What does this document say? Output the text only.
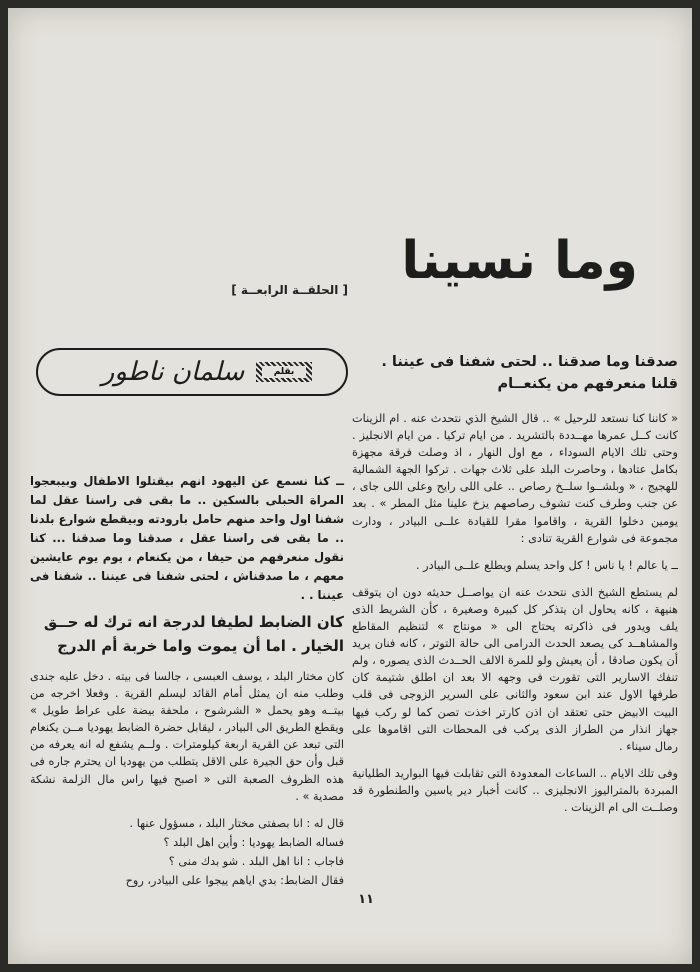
وما نسينا
[ الحلقــة الرابعــة ]
صدقنا وما صدقنا .. لحتى شفنا فى عيننا . قلنا منعرفهم من يكنعــام
سلمان ناطور	بقلم

« كاننا كنا نستعد للرحيل » .. قال الشيخ الذي نتحدث عنه . ام الزينات كانت كــل عمرها مهــددة بالتشريد . من ايام تركيا . من ايام الانجليز . وحتى تلك الايام السوداء ، مع اول النهار ، اذ وصلت فرقة مجهزة بكامل عتادها ، وحاصرت البلد على ثلاث جهات . تركوا الجهة الشمالية للهجيج ، « وبلشــوا سلــخ رصاص .. على اللى رايح وعلى اللى جاى ، عن جنب وطرف كنت تشوف رصاصهم يزخ علينا مثل المطر » . بعد يومين دخلوا القرية ، واقاموا مقرا للقيادة علــى البيادر ، ودارت مجموعة فى شوارع القرية تنادى :

ــ يا عالم ! يا ناس ! كل واحد يسلم ويطلع علــى البيادر .

لم يستطع الشيخ الذى نتحدث عنه ان يواصــل حديثه دون ان يتوقف هنيهة ، كانه يحاول ان يتذكر كل كبيرة وصغيرة ، كأن الشريط الذى يلف ويدور فى ذاكرته يحتاج الى « مونتاج » لتنظيم المقاطع والمشاهــد كى يصعد الحدث الدرامى الى حالة التوتر ، كانه فنان يريد أن يكون صادقا ، أن يعيش ولو للمرة الالف الحــدث الذى يصوره ، ولم تنفك الاسارير التى تقورت فى وجهه الا بعد ان اطلق شتيمة كان طرفها الاول عند ابن سعود والثانى على السرير الزوجى فى قلب البيت الابيض حتى تعتقد ان اذن كارتر اخذت تصن كما لو ركب فيها جهاز انذار من الطراز الذى يركب فى المحطات التى اقاموها على رمال سيناء .

وفى تلك الايام .. الساعات المعدودة التى تقابلت فيها البواريد الطليانية المبردة بالمتراليوز الانجليزى .. كانت أخبار دير ياسين والطنطورة قد وصلــت الى ام الزينات .

ــ كنا نسمع عن اليهود انهم بيقتلوا الاطفال وبيبعجوا المراة الحبلى بالسكين .. ما بقى فى راسنا عقل لما شفنا اول واحد منهم حامل بارودته وبيقطع شوارع بلدنا .. ما بقى فى راسنا عقل ، صدقنا وما صدقنا ... كنا نقول منعرفهم من حيفا ، من يكنعام ، يوم يوم عايشين معهم ، ما صدقناش ، لحتى شفنا فى عيننا .. شفنا فى عيننا . .
كان الضابط لطيفا لدرجة انه ترك له حــق الخيار . اما أن يموت واما خربة أم الدرج

كان مختار البلد ، يوسف العبسى ، جالسا فى بيته . دخل عليه جندى وطلب منه ان يمثل أمام القائد ليسلم القرية . وفعلا اخرجه من بيتــه وهو يحمل « الشرشوح ، ملحفة بيضة على عراط طويل » ويقطع الطريق الى البيادر ، ليقابل حضرة الضابط يهوديا مــن يكنعام التى تبعد عن القرية اربعة كيلومترات . ولــم يشفع له انه يعرفه من قبل وأن حق الجيرة على الاقل يتطلب من يهوديا ان يحترم جاره فى هذه الظروف الصعبة التى « اصبح فيها راس مال الزلمة نشكة مصدية » .

قال له : انا بصفتى مختار البلد ، مسؤول عنها .

فساله الضابط يهوديا : وأين اهل البلد ؟

فاجاب : انا اهل البلد . شو بدك منى ؟

فقال الضابط: بدي اياهم ييجوا على البيادر، روح

١١
